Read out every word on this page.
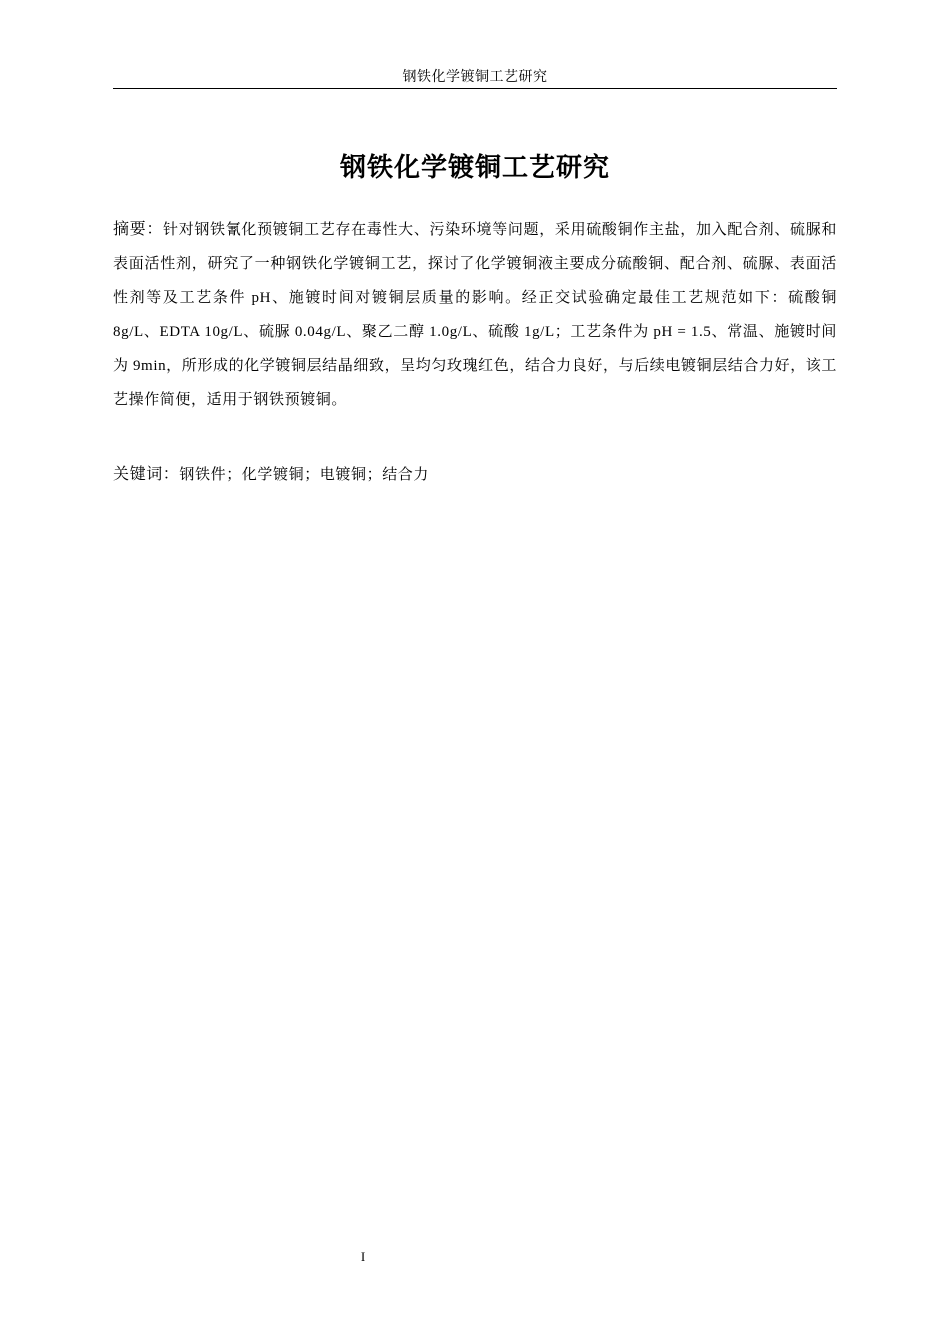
钢铁化学镀铜工艺研究
钢铁化学镀铜工艺研究
摘要：针对钢铁氰化预镀铜工艺存在毒性大、污染环境等问题，采用硫酸铜作主盐，加入配合剂、硫脲和表面活性剂，研究了一种钢铁化学镀铜工艺，探讨了化学镀铜液主要成分硫酸铜、配合剂、硫脲、表面活性剂等及工艺条件 pH、施镀时间对镀铜层质量的影响。经正交试验确定最佳工艺规范如下：硫酸铜 8g/L、EDTA 10g/L、硫脲 0.04g/L、聚乙二醇 1.0g/L、硫酸 1g/L；工艺条件为 pH = 1.5、常温、施镀时间为 9min，所形成的化学镀铜层结晶细致，呈均匀玫瑰红色，结合力良好，与后续电镀铜层结合力好，该工艺操作简便，适用于钢铁预镀铜。
关键词：钢铁件；化学镀铜；电镀铜；结合力
I
